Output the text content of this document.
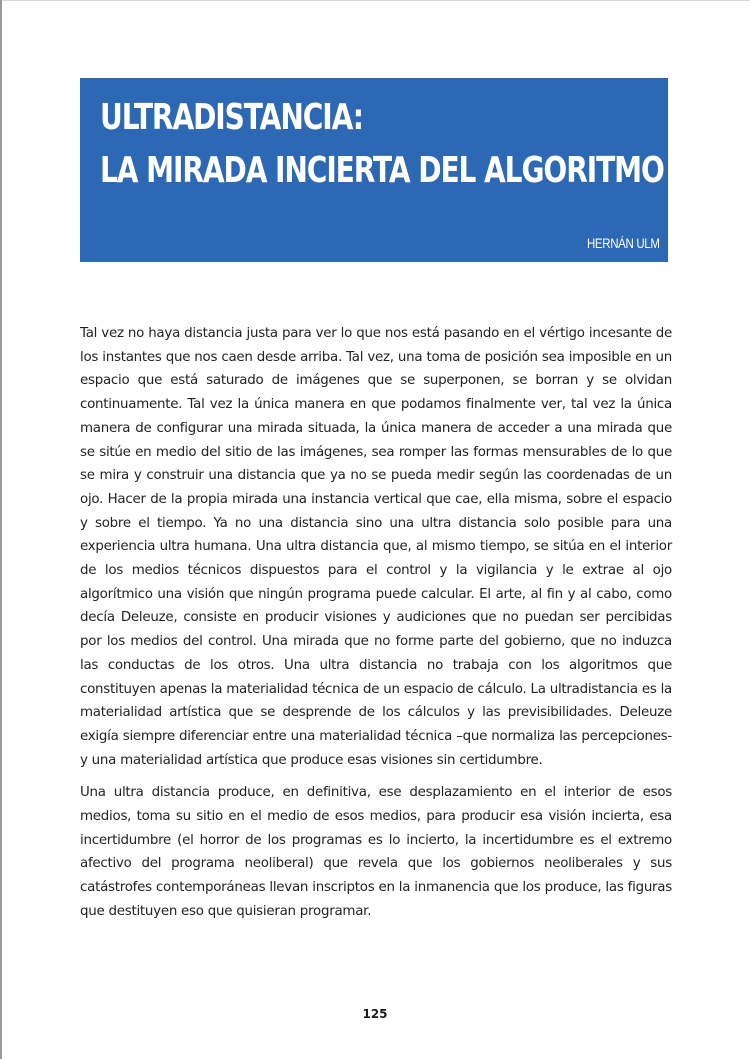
ULTRADISTANCIA:
LA MIRADA INCIERTA DEL ALGORITMO
HERNÁN ULM

Tal vez no haya distancia justa para ver lo que nos está pasando en el vértigo incesante de los instantes que nos caen desde arriba. Tal vez, una toma de posición sea imposible en un espacio que está saturado de imágenes que se superponen, se borran y se olvidan continuamente. Tal vez la única manera en que podamos finalmente ver, tal vez la única manera de configurar una mirada situada, la única manera de acceder a una mirada que se sitúe en medio del sitio de las imágenes, sea romper las formas mensurables de lo que se mira y construir una distancia que ya no se pueda medir según las coordenadas de un ojo. Hacer de la propia mirada una instancia vertical que cae, ella misma, sobre el espacio y sobre el tiempo. Ya no una distancia sino una ultra distancia solo posible para una experiencia ultra humana. Una ultra distancia que, al mismo tiempo, se sitúa en el interior de los medios técnicos dispuestos para el control y la vigilancia y le extrae al ojo algorítmico una visión que ningún programa puede calcular. El arte, al fin y al cabo, como decía Deleuze, consiste en producir visiones y audiciones que no puedan ser percibidas por los medios del control. Una mirada que no forme parte del gobierno, que no induzca las conductas de los otros. Una ultra distancia no trabaja con los algoritmos que constituyen apenas la materialidad técnica de un espacio de cálculo. La ultradistancia es la materialidad artística que se desprende de los cálculos y las previsibilidades. Deleuze exigía siempre diferenciar entre una materialidad técnica –que normaliza las percepciones- y una materialidad artística que produce esas visiones sin certidumbre.

Una ultra distancia produce, en definitiva, ese desplazamiento en el interior de esos medios, toma su sitio en el medio de esos medios, para producir esa visión incierta, esa incertidumbre (el horror de los programas es lo incierto, la incertidumbre es el extremo afectivo del programa neoliberal) que revela que los gobiernos neoliberales y sus catástrofes contemporáneas llevan inscriptos en la inmanencia que los produce, las figuras que destituyen eso que quisieran programar.

125
